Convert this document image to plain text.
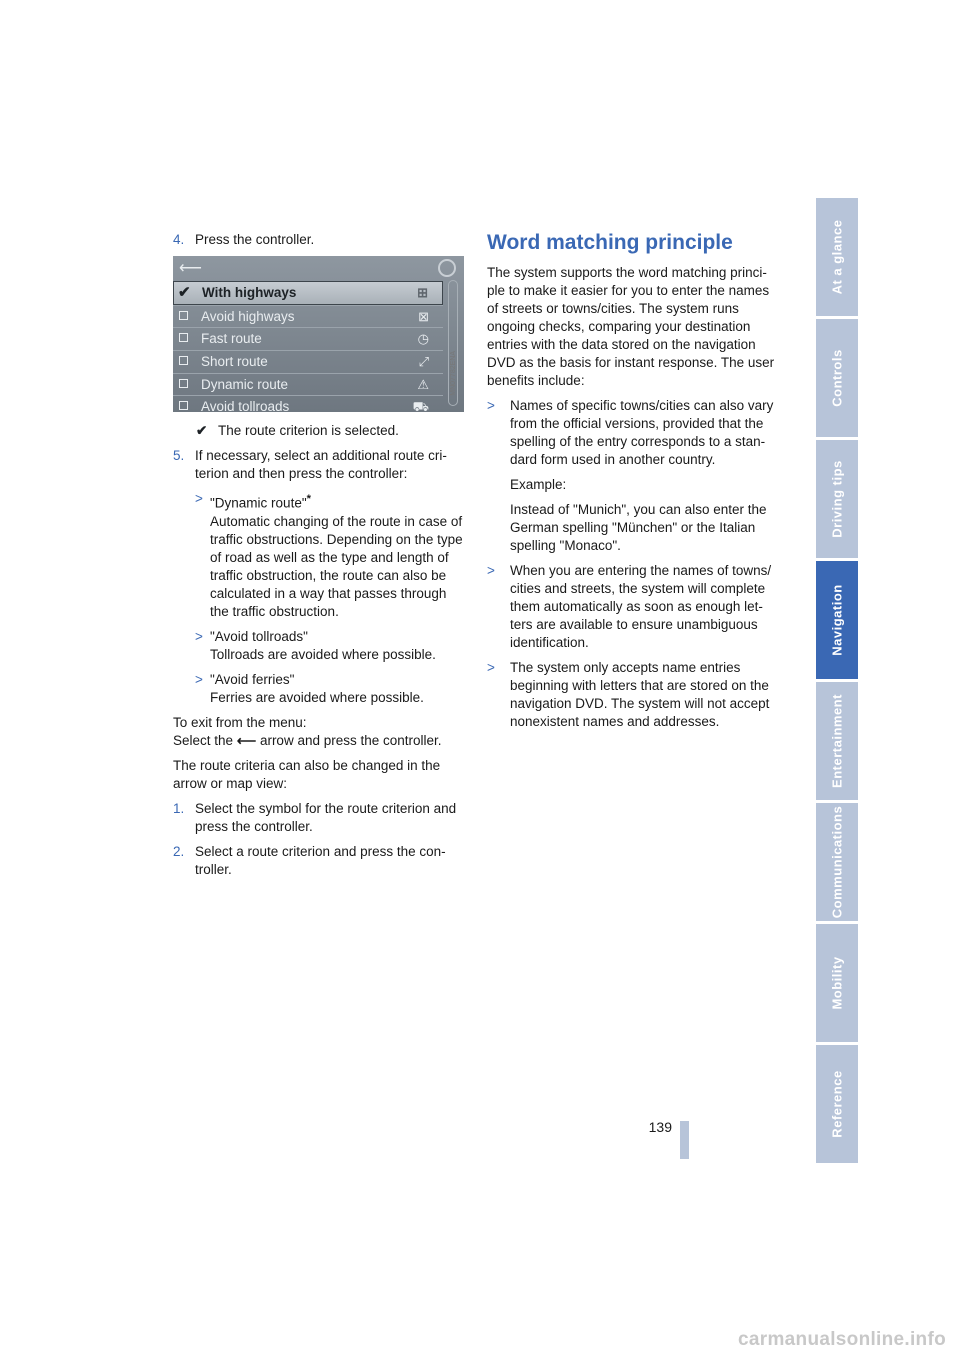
4. Press the controller.
⟵
✔ With highways	⊞
Avoid highways	⊠
Fast route	◷
Short route	⤢
Dynamic route	⚠
Avoid tollroads	⛟
MN07782ENA

✔ The route criterion is selected.

5. If necessary, select an additional route cri-terion and then press the controller:
> "Dynamic route"*
Automatic changing of the route in case of traffic obstructions. Depending on the type of road as well as the type and length of traffic obstruction, the route can also be calculated in a way that passes through the traffic obstruction.
> "Avoid tollroads"
Tollroads are avoided where possible.
> "Avoid ferries"
Ferries are avoided where possible.

To exit from the menu:
Select the ⟵ arrow and press the controller.

The route criteria can also be changed in the arrow or map view:

1. Select the symbol for the route criterion and press the controller.
2. Select a route criterion and press the con-troller.
Word matching principle

The system supports the word matching princi-ple to make it easier for you to enter the names of streets or towns/cities. The system runs ongoing checks, comparing your destination entries with the data stored on the navigation DVD as the basis for instant response. The user benefits include:

>	Names of specific towns/cities can also vary from the official versions, provided that the spelling of the entry corresponds to a stan-dard form used in another country.

Example:

Instead of "Munich", you can also enter the German spelling "München" or the Italian spelling "Monaco".

>	When you are entering the names of towns/ cities and streets, the system will complete them automatically as soon as enough let-ters are available to ensure unambiguous identification.
>	The system only accepts name entries beginning with letters that are stored on the navigation DVD. The system will not accept nonexistent names and addresses.
At a glance
Controls
Driving tips
Navigation
Entertainment
Communications
Mobility
Reference
139
carmanualsonline.info
